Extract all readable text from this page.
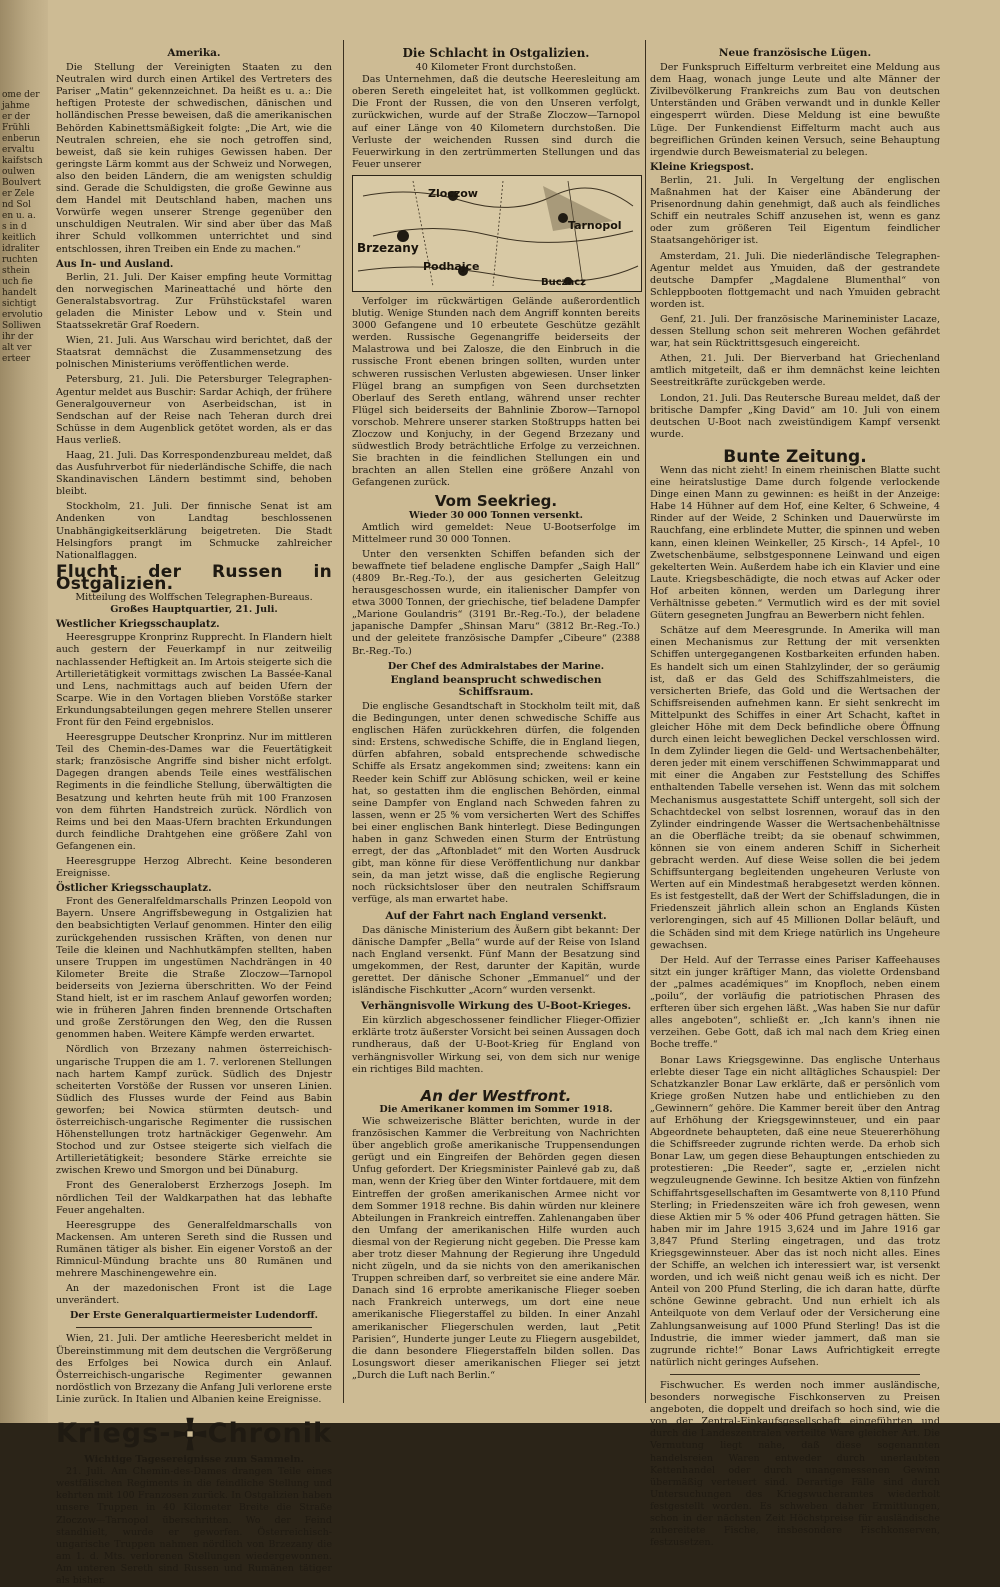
ome der
jahme
er der
Frühli
enberun
ervaltu
kaifstsch
oulwen
Boulvert
er Zele
nd Sol
en u. a.
s in d
keitlich
idraliter
ruchten
sthein
uch fie
handelt
sichtigt
ervolutio
Solliwen
ihr der
alt ver
erteer
Amerika.

Die Stellung der Vereinigten Staaten zu den Neutralen wird durch einen Artikel des Vertreters des Pariser „Matin“ gekennzeichnet. Da heißt es u. a.: Die heftigen Proteste der schwedischen, dänischen und holländischen Presse beweisen, daß die amerikanischen Behörden Kabinettsmäßigkeit folgte: „Die Art, wie die Neutralen schreien, ehe sie noch getroffen sind, beweist, daß sie kein ruhiges Gewissen haben. Der geringste Lärm kommt aus der Schweiz und Norwegen, also den beiden Ländern, die am wenigsten schuldig sind. Gerade die Schuldigsten, die große Gewinne aus dem Handel mit Deutschland haben, machen uns Vorwürfe wegen unserer Strenge gegenüber den unschuldigen Neutralen. Wir sind aber über das Maß ihrer Schuld vollkommen unterrichtet und sind entschlossen, ihren Treiben ein Ende zu machen.“

Aus In- und Ausland.

Berlin, 21. Juli. Der Kaiser empfing heute Vormittag den norwegischen Marineattaché und hörte den Generalstabsvortrag. Zur Frühstückstafel waren geladen die Minister Lebow und v. Stein und Staatssekretär Graf Roedern.

Wien, 21. Juli. Aus Warschau wird berichtet, daß der Staatsrat demnächst die Zusammensetzung des polnischen Ministeriums veröffentlichen werde.

Petersburg, 21. Juli. Die Petersburger Telegraphen-Agentur meldet aus Buschir: Sardar Achiqh, der frühere Generalgouverneur von Aserbeidschan, ist in Sendschan auf der Reise nach Teheran durch drei Schüsse in dem Augenblick getötet worden, als er das Haus verließ.

Haag, 21. Juli. Das Korrespondenzbureau meldet, daß das Ausfuhrverbot für niederländische Schiffe, die nach Skandinavischen Ländern bestimmt sind, behoben bleibt.

Stockholm, 21. Juli. Der finnische Senat ist am Andenken von Landtag beschlossenen Unabhängigkeitserklärung beigetreten. Die Stadt Helsingfors prangt im Schmucke zahlreicher Nationalflaggen.

Flucht der Russen in Ostgalizien.
Mitteilung des Wolffschen Telegraphen-Bureaus.
Großes Hauptquartier, 21. Juli.
Westlicher Kriegsschauplatz.

Heeresgruppe Kronprinz Rupprecht. In Flandern hielt auch gestern der Feuerkampf in nur zeitweilig nachlassender Heftigkeit an. Im Artois steigerte sich die Artillerietätigkeit vormittags zwischen La Bassée-Kanal und Lens, nachmittags auch auf beiden Ufern der Scarpe. Wie in den Vortagen blieben Vorstöße starker Erkundungsabteilungen gegen mehrere Stellen unserer Front für den Feind ergebnislos.

Heeresgruppe Deutscher Kronprinz. Nur im mittleren Teil des Chemin-des-Dames war die Feuertätigkeit stark; französische Angriffe sind bisher nicht erfolgt. Dagegen drangen abends Teile eines westfälischen Regiments in die feindliche Stellung, überwältigten die Besatzung und kehrten heute früh mit 100 Franzosen von dem führten Handstreich zurück. Nördlich von Reims und bei den Maas-Ufern brachten Erkundungen durch feindliche Drahtgehen eine größere Zahl von Gefangenen ein.

Heeresgruppe Herzog Albrecht. Keine besonderen Ereignisse.

Östlicher Kriegsschauplatz.

Front des Generalfeldmarschalls Prinzen Leopold von Bayern. Unsere Angriffsbewegung in Ostgalizien hat den beabsichtigten Verlauf genommen. Hinter den eilig zurückgehenden russischen Kräften, von denen nur Teile die kleinen und Nachhutkämpfen stellten, haben unsere Truppen im ungestümen Nachdrängen in 40 Kilometer Breite die Straße Zloczow—Tarnopol beiderseits von Jezierna überschritten. Wo der Feind Stand hielt, ist er im raschem Anlauf geworfen worden; wie in früheren Jahren finden brennende Ortschaften und große Zerstörungen den Weg, den die Russen genommen haben. Weitere Kämpfe werden erwartet.

Nördlich von Brzezany nahmen österreichisch-ungarische Truppen die am 1. 7. verlorenen Stellungen nach hartem Kampf zurück. Südlich des Dnjestr scheiterten Vorstöße der Russen vor unseren Linien. Südlich des Flusses wurde der Feind aus Babin geworfen; bei Nowica stürmten deutsch- und österreichisch-ungarische Regimenter die russischen Höhenstellungen trotz hartnäckiger Gegenwehr. Am Stochod und zur Ostsee steigerte sich vielfach die Artillerietätigkeit; besondere Stärke erreichte sie zwischen Krewo und Smorgon und bei Dünaburg.

Front des Generaloberst Erzherzogs Joseph. Im nördlichen Teil der Waldkarpathen hat das lebhafte Feuer angehalten.

Heeresgruppe des Generalfeldmarschalls von Mackensen. Am unteren Sereth sind die Russen und Rumänen tätiger als bisher. Ein eigener Vorstoß an der Rimnicul-Mündung brachte uns 80 Rumänen und mehrere Maschinengewehre ein.

An der mazedonischen Front ist die Lage unverändert.

Der Erste Generalquartiermeister Ludendorff.

Wien, 21. Juli. Der amtliche Heeresbericht meldet in Übereinstimmung mit dem deutschen die Vergrößerung des Erfolges bei Nowica durch ein Anlauf. Österreichisch-ungarische Regimenter gewannen nordöstlich von Brzezany die Anfang Juli verlorene erste Linie zurück. In Italien und Albanien keine Ereignisse.

Kriegs- Chronik
Wichtige Tagesereignisse zum Sammeln.

21. Juli. Am Chemin-des-Dames drangen Teile eines westfälischen Regiments in die feindliche Stellung und kehrten mit 100 Franzosen zurück. In Ostgalizien haben unsere Truppen in 40 Kilometer Breite die Straße Zloczow—Tarnopol überschritten. Wo der Feind standhielt, wurde er geworfen. Österreichisch-ungarische Truppen nahmen nördlich von Brzezany die am 1. d. Mts. verlorenen Stellungen wiedergewonnen. Am unteren Sereth sind Russen und Rumänen tätiger als bisher.

Die Schlacht in Ostgalizien.
40 Kilometer Front durchstoßen.

Das Unternehmen, daß die deutsche Heeresleitung am oberen Sereth eingeleitet hat, ist vollkommen geglückt. Die Front der Russen, die von den Unseren verfolgt, zurückwichen, wurde auf der Straße Zloczow—Tarnopol auf einer Länge von 40 Kilometern durchstoßen. Die Verluste der weichenden Russen sind durch die Feuerwirkung in den zertrümmerten Stellungen und das Feuer unserer

Zloczow
Brzezany
Tarnopol
Podhajce
Buczacz

Verfolger im rückwärtigen Gelände außerordentlich blutig. Wenige Stunden nach dem Angriff konnten bereits 3000 Gefangene und 10 erbeutete Geschütze gezählt werden. Russische Gegenangriffe beiderseits der Malastrowa und bei Zalosze, die den Einbruch in die russische Front ebenen bringen sollten, wurden unter schweren russischen Verlusten abgewiesen. Unser linker Flügel brang an sumpfigen von Seen durchsetzten Oberlauf des Sereth entlang, während unser rechter Flügel sich beiderseits der Bahnlinie Zborow—Tarnopol vorschob. Mehrere unserer starken Stoßtrupps hatten bei Zloczow und Konjuchy, in der Gegend Brzezany und südwestlich Brody beträchtliche Erfolge zu verzeichnen. Sie brachten in die feindlichen Stellungen ein und brachten an allen Stellen eine größere Anzahl von Gefangenen zurück.

Vom Seekrieg.
Wieder 30 000 Tonnen versenkt.

Amtlich wird gemeldet: Neue U-Bootserfolge im Mittelmeer rund 30 000 Tonnen.

Unter den versenkten Schiffen befanden sich der bewaffnete tief beladene englische Dampfer „Saigh Hall“ (4809 Br.-Reg.-To.), der aus gesicherten Geleitzug herausgeschossen wurde, ein italienischer Dampfer von etwa 3000 Tonnen, der griechische, tief beladene Dampfer „Marione Goulandris“ (3191 Br.-Reg.-To.), der beladene japanische Dampfer „Shinsan Maru“ (3812 Br.-Reg.-To.) und der geleitete französische Dampfer „Cibeure“ (2388 Br.-Reg.-To.)

Der Chef des Admiralstabes der Marine.
England beansprucht schwedischen Schiffsraum.

Die englische Gesandtschaft in Stockholm teilt mit, daß die Bedingungen, unter denen schwedische Schiffe aus englischen Häfen zurückkehren dürfen, die folgenden sind: Erstens, schwedische Schiffe, die in England liegen, dürfen abfahren, sobald entsprechende schwedische Schiffe als Ersatz angekommen sind; zweitens: kann ein Reeder kein Schiff zur Ablösung schicken, weil er keine hat, so gestatten ihm die englischen Behörden, einmal seine Dampfer von England nach Schweden fahren zu lassen, wenn er 25 % vom versicherten Wert des Schiffes bei einer englischen Bank hinterlegt. Diese Bedingungen haben in ganz Schweden einen Sturm der Entrüstung erregt, der das „Aftonbladet“ mit den Worten Ausdruck gibt, man könne für diese Veröffentlichung nur dankbar sein, da man jetzt wisse, daß die englische Regierung noch rücksichtsloser über den neutralen Schiffsraum verfüge, als man erwartet habe.

Auf der Fahrt nach England versenkt.

Das dänische Ministerium des Äußern gibt bekannt: Der dänische Dampfer „Bella“ wurde auf der Reise von Island nach England versenkt. Fünf Mann der Besatzung sind umgekommen, der Rest, darunter der Kapitän, wurde gerettet. Der dänische Schoner „Emmanuel“ und der isländische Fischkutter „Acorn“ wurden versenkt.

Verhängnisvolle Wirkung des U-Boot-Krieges.

Ein kürzlich abgeschossener feindlicher Flieger-Offizier erklärte trotz äußerster Vorsicht bei seinen Aussagen doch rundheraus, daß der U-Boot-Krieg für England von verhängnisvoller Wirkung sei, von dem sich nur wenige ein richtiges Bild machten.

An der Westfront.
Die Amerikaner kommen im Sommer 1918.

Wie schweizerische Blätter berichten, wurde in der französischen Kammer die Verbreitung von Nachrichten über angeblich große amerikanische Truppensendungen gerügt und ein Eingreifen der Behörden gegen diesen Unfug gefordert. Der Kriegsminister Painlevé gab zu, daß man, wenn der Krieg über den Winter fortdauere, mit dem Eintreffen der großen amerikanischen Armee nicht vor dem Sommer 1918 rechne. Bis dahin würden nur kleinere Abteilungen in Frankreich eintreffen. Zahlenangaben über den Umfang der amerikanischen Hilfe wurden auch diesmal von der Regierung nicht gegeben. Die Presse kam aber trotz dieser Mahnung der Regierung ihre Ungeduld nicht zügeln, und da sie nichts von den amerikanischen Truppen schreiben darf, so verbreitet sie eine andere Mär. Danach sind 16 erprobte amerikanische Flieger soeben nach Frankreich unterwegs, um dort eine neue amerikanische Fliegerstaffel zu bilden. In einer Anzahl amerikanischer Fliegerschulen werden, laut „Petit Parisien“, Hunderte junger Leute zu Fliegern ausgebildet, die dann besondere Fliegerstaffeln bilden sollen. Das Losungswort dieser amerikanischen Flieger sei jetzt „Durch die Luft nach Berlin.“

Neue französische Lügen.

Der Funkspruch Eiffelturm verbreitet eine Meldung aus dem Haag, wonach junge Leute und alte Männer der Zivilbevölkerung Frankreichs zum Bau von deutschen Unterständen und Gräben verwandt und in dunkle Keller eingesperrt würden. Diese Meldung ist eine bewußte Lüge. Der Funkendienst Eiffelturm macht auch aus begreiflichen Gründen keinen Versuch, seine Behauptung irgendwie durch Beweismaterial zu belegen.

Kleine Kriegspost.

Berlin, 21. Juli. In Vergeltung der englischen Maßnahmen hat der Kaiser eine Abänderung der Prisenordnung dahin genehmigt, daß auch als feindliches Schiff ein neutrales Schiff anzusehen ist, wenn es ganz oder zum größeren Teil Eigentum feindlicher Staatsangehöriger ist.

Amsterdam, 21. Juli. Die niederländische Telegraphen-Agentur meldet aus Ymuiden, daß der gestrandete deutsche Dampfer „Magdalene Blumenthal“ von Schleppbooten flottgemacht und nach Ymuiden gebracht worden ist.

Genf, 21. Juli. Der französische Marineminister Lacaze, dessen Stellung schon seit mehreren Wochen gefährdet war, hat sein Rücktrittsgesuch eingereicht.

Athen, 21. Juli. Der Bierverband hat Griechenland amtlich mitgeteilt, daß er ihm demnächst keine leichten Seestreitkräfte zurückgeben werde.

London, 21. Juli. Das Reutersche Bureau meldet, daß der britische Dampfer „King David“ am 10. Juli von einem deutschen U-Boot nach zweistündigem Kampf versenkt wurde.

Bunte Zeitung.

Wenn das nicht zieht! In einem rheinischen Blatte sucht eine heiratslustige Dame durch folgende verlockende Dinge einen Mann zu gewinnen: es heißt in der Anzeige: Habe 14 Hühner auf dem Hof, eine Kelter, 6 Schweine, 4 Rinder auf der Weide, 2 Schinken und Dauerwürste im Rauchfang, eine erblindete Mutter, die spinnen und weben kann, einen kleinen Weinkeller, 25 Kirsch-, 14 Apfel-, 10 Zwetschenbäume, selbstgesponnene Leinwand und eigen gekelterten Wein. Außerdem habe ich ein Klavier und eine Laute. Kriegsbeschädigte, die noch etwas auf Acker oder Hof arbeiten können, werden um Darlegung ihrer Verhältnisse gebeten.“ Vermutlich wird es der mit soviel Gütern gesegneten Jungfrau an Bewerbern nicht fehlen.

Schätze auf dem Meeresgrunde. In Amerika will man einen Mechanismus zur Rettung der mit versenkten Schiffen untergegangenen Kostbarkeiten erfunden haben. Es handelt sich um einen Stahlzylinder, der so geräumig ist, daß er das Geld des Schiffszahlmeisters, die versicherten Briefe, das Gold und die Wertsachen der Schiffsreisenden aufnehmen kann. Er sieht senkrecht im Mittelpunkt des Schiffes in einer Art Schacht, kaftet in gleicher Höhe mit dem Deck befindliche obere Öffnung durch einen leicht beweglichen Deckel verschlossen wird. In dem Zylinder liegen die Geld- und Wertsachenbehälter, deren jeder mit einem verschiffenen Schwimmapparat und mit einer die Angaben zur Feststellung des Schiffes enthaltenden Tabelle versehen ist. Wenn das mit solchem Mechanismus ausgestattete Schiff untergeht, soll sich der Schachtdeckel von selbst losrennen, worauf das in den Zylinder eindringende Wasser die Wertsachenbehältnisse an die Oberfläche treibt; da sie obenauf schwimmen, können sie von einem anderen Schiff in Sicherheit gebracht werden. Auf diese Weise sollen die bei jedem Schiffsuntergang begleitenden ungeheuren Verluste von Werten auf ein Mindestmaß herabgesetzt werden können. Es ist festgestellt, daß der Wert der Schiffsladungen, die in Friedenszeit jährlich allein schon an Englands Küsten verlorengingen, sich auf 45 Millionen Dollar beläuft, und die Schäden sind mit dem Kriege natürlich ins Ungeheure gewachsen.

Der Held. Auf der Terrasse eines Pariser Kaffeehauses sitzt ein junger kräftiger Mann, das violette Ordensband der „palmes académiques“ im Knopfloch, neben einem „poilu“, der vorläufig die patriotischen Phrasen des erfteren über sich ergehen läßt. „Was haben Sie nur dafür alles angeboten“, schließt er. „Ich kann's ihnen nie verzeihen. Gebe Gott, daß ich mal nach dem Krieg einen Boche treffe.“

Bonar Laws Kriegsgewinne. Das englische Unterhaus erlebte dieser Tage ein nicht alltägliches Schauspiel: Der Schatzkanzler Bonar Law erklärte, daß er persönlich vom Kriege großen Nutzen habe und entlichieben zu den „Gewinnern“ gehöre. Die Kammer bereit über den Antrag auf Erhöhung der Kriegsgewinnsteuer, und ein paar Abgeordnete behaupteten, daß eine neue Steuererhöhung die Schiffsreeder zugrunde richten werde. Da erhob sich Bonar Law, um gegen diese Behauptungen entschieden zu protestieren: „Die Reeder“, sagte er, „erzielen nicht wegzuleugnende Gewinne. Ich besitze Aktien von fünfzehn Schiffahrtsgesellschaften im Gesamtwerte von 8,110 Pfund Sterling; in Friedenszeiten wäre ich froh gewesen, wenn diese Aktien mir 5 % oder 406 Pfund getragen hätten. Sie haben mir im Jahre 1915 3,624 und im Jahre 1916 gar 3,847 Pfund Sterling eingetragen, und das trotz Kriegsgewinnsteuer. Aber das ist noch nicht alles. Eines der Schiffe, an welchen ich interessiert war, ist versenkt worden, und ich weiß nicht genau weiß ich es nicht. Der Anteil von 200 Pfund Sterling, die ich daran hatte, dürfte schöne Gewinne gebracht. Und nun erhielt ich als Anteilquote von dem Verlauf oder der Versicherung eine Zahlungsanweisung auf 1000 Pfund Sterling! Das ist die Industrie, die immer wieder jammert, daß man sie zugrunde richte!“ Bonar Laws Aufrichtigkeit erregte natürlich nicht geringes Aufsehen.

Fischwucher. Es werden noch immer ausländische, besonders norwegische Fischkonserven zu Preisen angeboten, die doppelt und dreifach so hoch sind, wie die von der Zentral-Einkaufsgesellschaft eingeführten und durch die Landeszentralen verteilte Ware gleicher Art. Die Vermutung liegt nahe, daß diese sogenannten handelsreien Waren entweder durch unerlaubten Kettenhandel oder durch unangemessenen Gewinn übermäßig verteuert sind. Derartige Fälle sind durch Untersuchungen des Kriegswucheramtes wiederholt festgestellt worden. Es schweben daher Ermittlungen, schon in der nächsten Zeit Höchstpreise für ausländische zubereitete Fische, insbesondere Fischkonserven, festzusetzen.
